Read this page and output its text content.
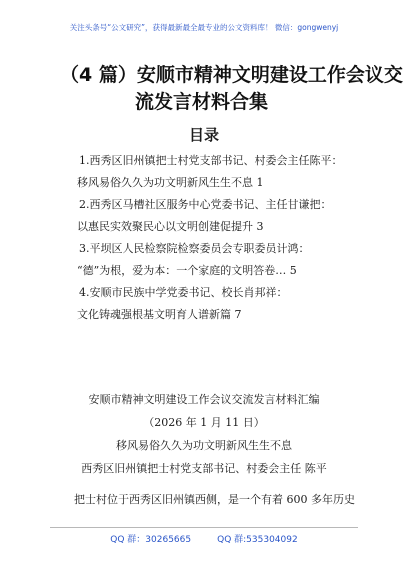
关注头条号“公文研究”，获得最新最全最专业的公文资料库！ 微信：gongwenyj
（4 篇）安顺市精神文明建设工作会议交
流发言材料合集
目录
1.西秀区旧州镇把士村党支部书记、村委会主任陈平：
移风易俗久久为功文明新风生生不息 1
2.西秀区马槽社区服务中心党委书记、主任甘谦把：
以惠民实效聚民心以文明创建促提升 3
3.平坝区人民检察院检察委员会专职委员计鸿：
“德”为根，爱为本：一个家庭的文明答卷… 5
4.安顺市民族中学党委书记、校长肖邦祥：
文化铸魂强根基文明育人谱新篇 7
安顺市精神文明建设工作会议交流发言材料汇编
（2026 年 1 月 11 日）
移风易俗久久为功文明新风生生不息
西秀区旧州镇把士村党支部书记、村委会主任 陈平
把士村位于西秀区旧州镇西侧，是一个有着 600 多年历史
QQ 群：30265665	QQ 群:535304092
